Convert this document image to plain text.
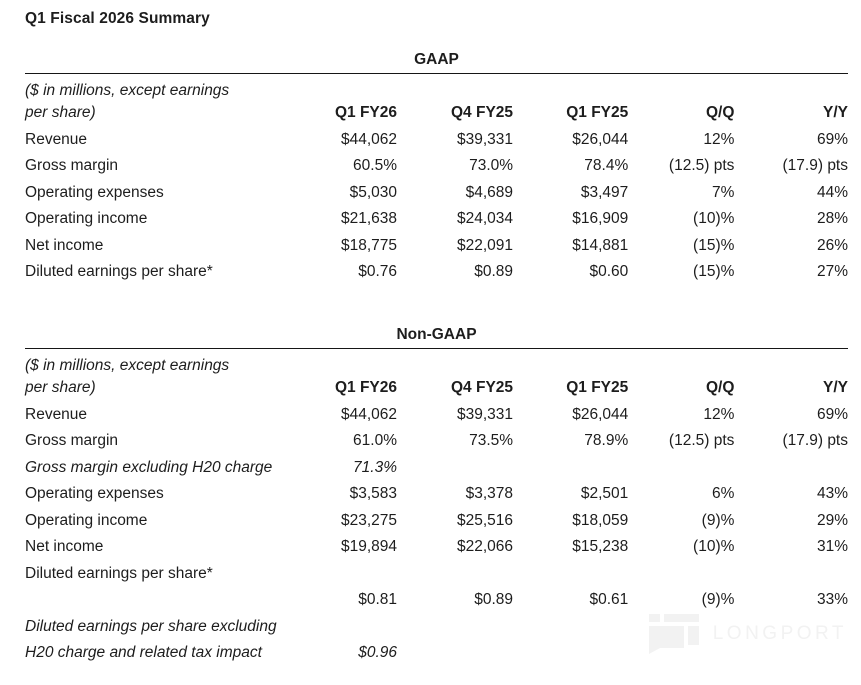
Q1 Fiscal 2026 Summary
GAAP
($ in millions, except earnings					
per share)	Q1 FY26	Q4 FY25	Q1 FY25	Q/Q	Y/Y
Revenue	$44,062	$39,331	$26,044	12%	69%
Gross margin	60.5%	73.0%	78.4%	(12.5) pts	(17.9) pts
Operating expenses	$5,030	$4,689	$3,497	7%	44%
Operating income	$21,638	$24,034	$16,909	(10)%	28%
Net income	$18,775	$22,091	$14,881	(15)%	26%
Diluted earnings per share*	$0.76	$0.89	$0.60	(15)%	27%
Non-GAAP
($ in millions, except earnings					
per share)	Q1 FY26	Q4 FY25	Q1 FY25	Q/Q	Y/Y
Revenue	$44,062	$39,331	$26,044	12%	69%
Gross margin	61.0%	73.5%	78.9%	(12.5) pts	(17.9) pts
Gross margin excluding H20 charge	71.3%				
Operating expenses	$3,583	$3,378	$2,501	6%	43%
Operating income	$23,275	$25,516	$18,059	(9)%	29%
Net income	$19,894	$22,066	$15,238	(10)%	31%
Diluted earnings per share*					
	$0.81	$0.89	$0.61	(9)%	33%
Diluted earnings per share excluding					
H20 charge and related tax impact	$0.96				
LONGPORT
